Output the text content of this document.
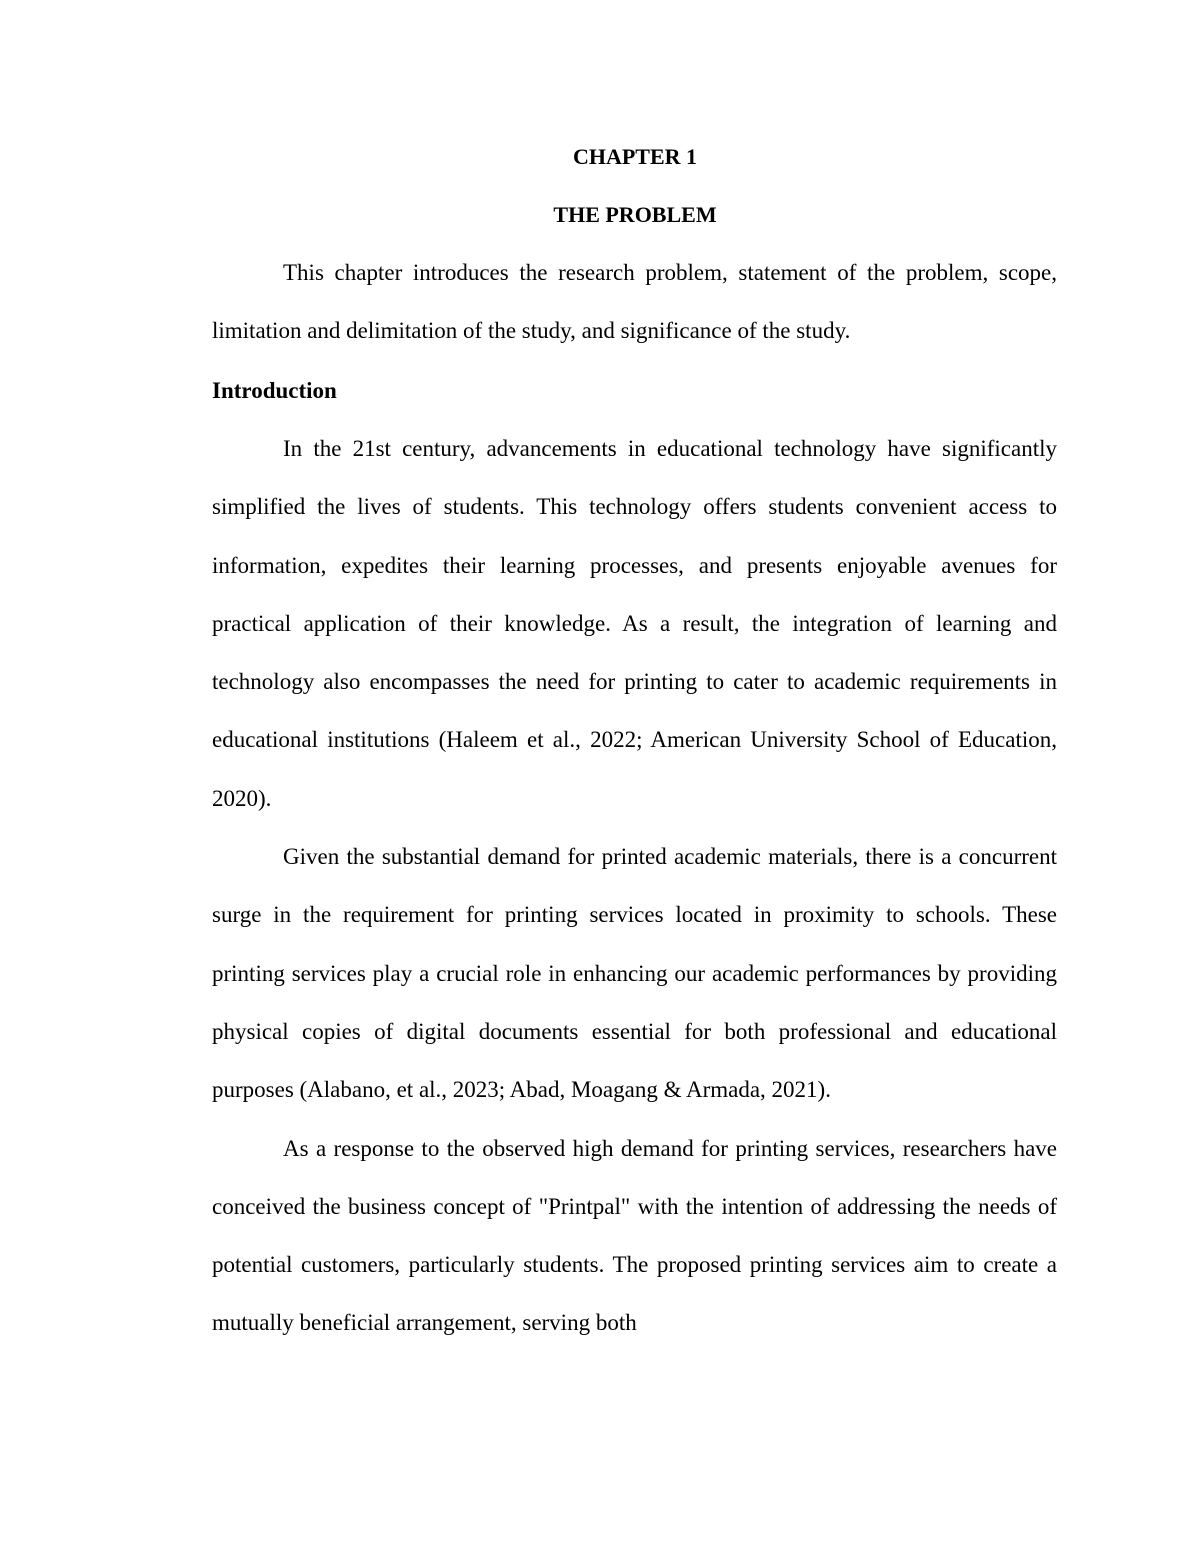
CHAPTER 1
THE PROBLEM

This chapter introduces the research problem, statement of the problem, scope, limitation and delimitation of the study, and significance of the study.

Introduction

In the 21st century, advancements in educational technology have significantly simplified the lives of students. This technology offers students convenient access to information, expedites their learning processes, and presents enjoyable avenues for practical application of their knowledge. As a result, the integration of learning and technology also encompasses the need for printing to cater to academic requirements in educational institutions (Haleem et al., 2022; American University School of Education, 2020).

Given the substantial demand for printed academic materials, there is a concurrent surge in the requirement for printing services located in proximity to schools. These printing services play a crucial role in enhancing our academic performances by providing physical copies of digital documents essential for both professional and educational purposes (Alabano, et al., 2023; Abad, Moagang & Armada, 2021).

As a response to the observed high demand for printing services, researchers have conceived the business concept of "Printpal" with the intention of addressing the needs of potential customers, particularly students. The proposed printing services aim to create a mutually beneficial arrangement, serving both
